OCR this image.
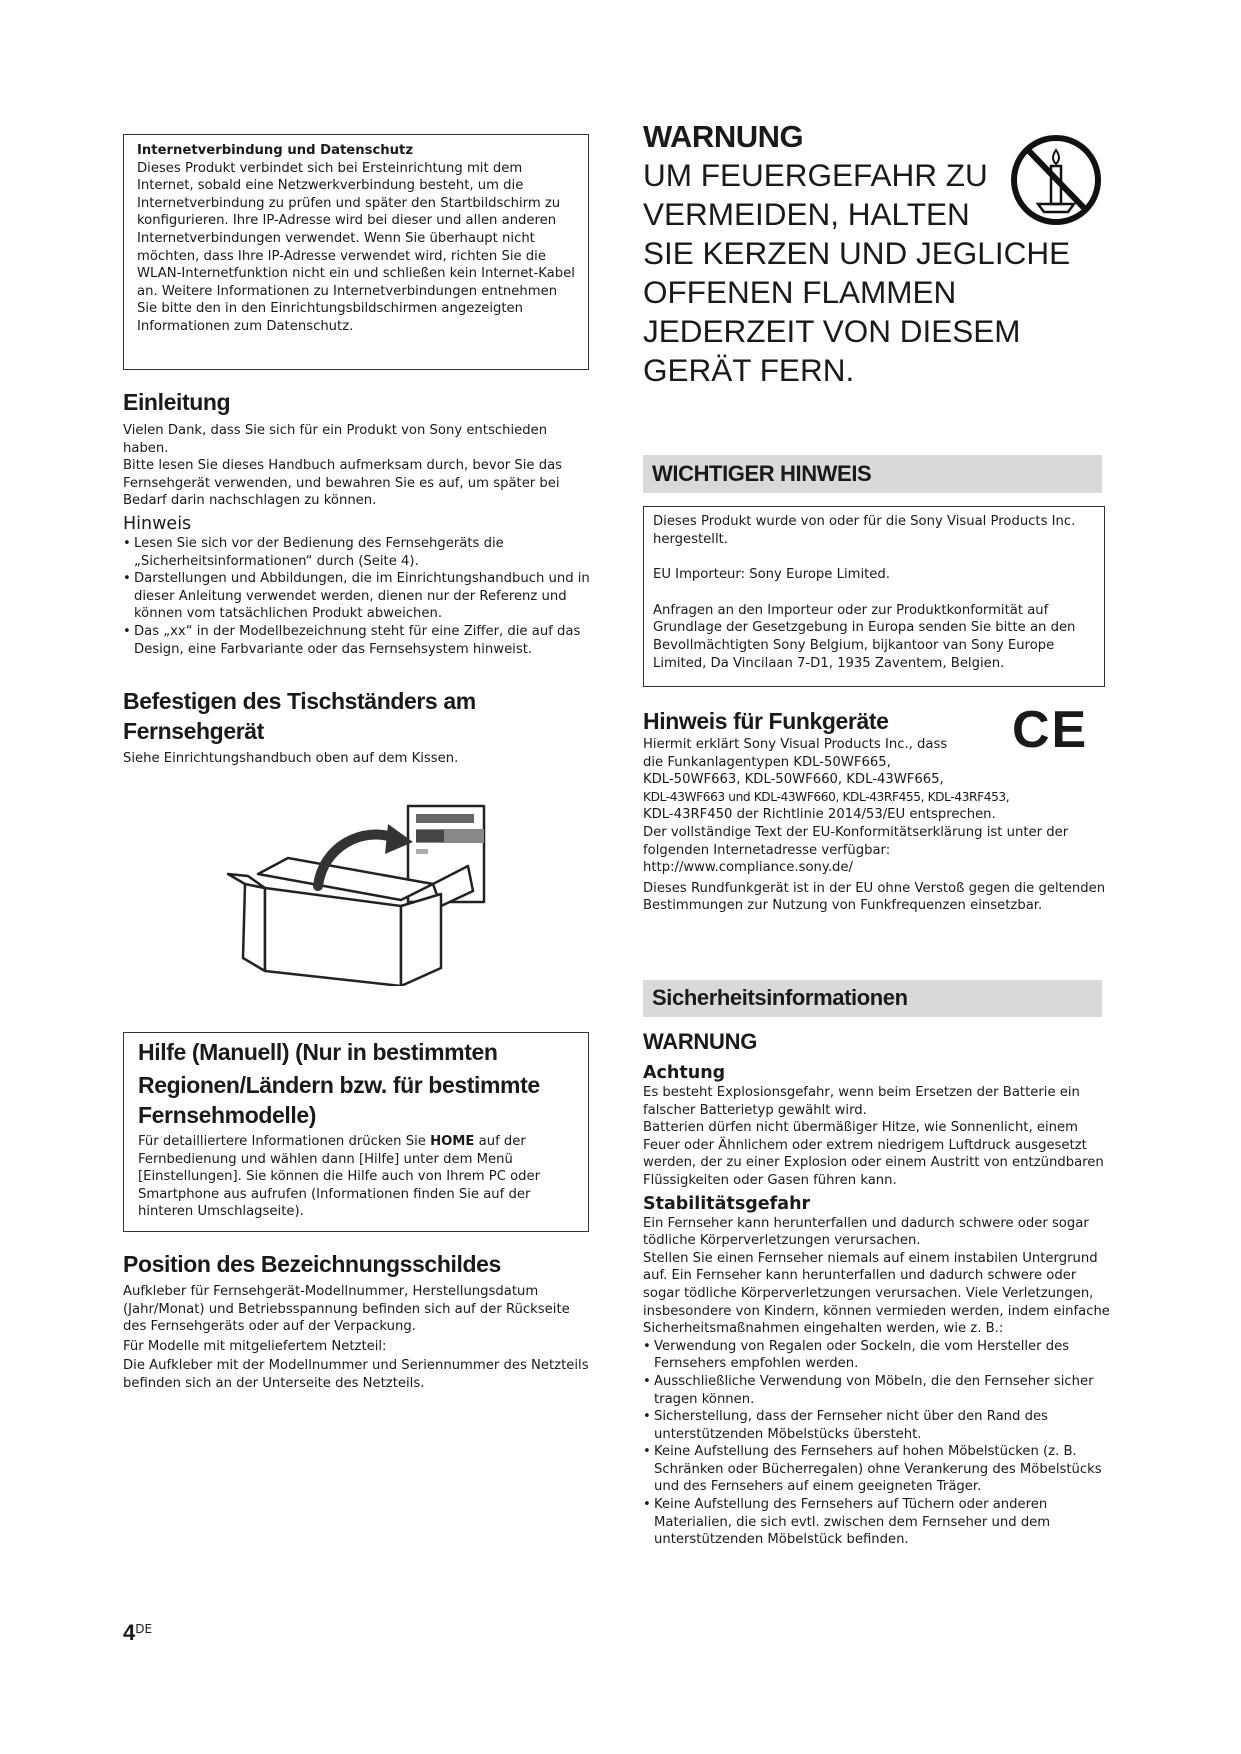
Internetverbindung und Datenschutz

Dieses Produkt verbindet sich bei Ersteinrichtung mit dem Internet, sobald eine Netzwerkverbindung besteht, um die Internetverbindung zu prüfen und später den Startbildschirm zu konfigurieren. Ihre IP-Adresse wird bei dieser und allen anderen Internetverbindungen verwendet. Wenn Sie überhaupt nicht möchten, dass Ihre IP-Adresse verwendet wird, richten Sie die WLAN-Internetfunktion nicht ein und schließen kein Internet-Kabel an. Weitere Informationen zu Internetverbindungen entnehmen Sie bitte den in den Einrichtungsbildschirmen angezeigten Informationen zum Datenschutz.

Einleitung

Vielen Dank, dass Sie sich für ein Produkt von Sony entschieden haben.

Bitte lesen Sie dieses Handbuch aufmerksam durch, bevor Sie das Fernsehgerät verwenden, und bewahren Sie es auf, um später bei Bedarf darin nachschlagen zu können.

Hinweis
• Lesen Sie sich vor der Bedienung des Fernsehgeräts die „Sicherheitsinformationen“ durch (Seite 4).
• Darstellungen und Abbildungen, die im Einrichtungshandbuch und in dieser Anleitung verwendet werden, dienen nur der Referenz und können vom tatsächlichen Produkt abweichen.
• Das „xx“ in der Modellbezeichnung steht für eine Ziffer, die auf das Design, eine Farbvariante oder das Fernsehsystem hinweist.
Befestigen des Tischständers am
Fernsehgerät

Siehe Einrichtungshandbuch oben auf dem Kissen.

Hilfe (Manuell) (Nur in bestimmten
Regionen/Ländern bzw. für bestimmte
Fernsehmodelle)

Für detailliertere Informationen drücken Sie HOME auf der Fernbedienung und wählen dann [Hilfe] unter dem Menü [Einstellungen]. Sie können die Hilfe auch von Ihrem PC oder Smartphone aus aufrufen (Informationen finden Sie auf der hinteren Umschlagseite).

Position des Bezeichnungsschildes

Aufkleber für Fernsehgerät-Modellnummer, Herstellungsdatum (Jahr/Monat) und Betriebsspannung befinden sich auf der Rückseite des Fernsehgeräts oder auf der Verpackung.

Für Modelle mit mitgeliefertem Netzteil:

Die Aufkleber mit der Modellnummer und Seriennummer des Netzteils befinden sich an der Unterseite des Netzteils.

4DE
WARNUNG
UM FEUERGEFAHR ZU
VERMEIDEN, HALTEN
SIE KERZEN UND JEGLICHE
OFFENEN FLAMMEN
JEDERZEIT VON DIESEM
GERÄT FERN.
WICHTIGER HINWEIS

Dieses Produkt wurde von oder für die Sony Visual Products Inc. hergestellt.

EU Importeur: Sony Europe Limited.

Anfragen an den Importeur oder zur Produktkonformität auf Grundlage der Gesetzgebung in Europa senden Sie bitte an den Bevollmächtigten Sony Belgium, bijkantoor van Sony Europe Limited, Da Vincilaan 7-D1, 1935 Zaventem, Belgien.

Hinweis für Funkgeräte CE

Hiermit erklärt Sony Visual Products Inc., dass

die Funkanlagentypen KDL-50WF665,

KDL-50WF663, KDL-50WF660, KDL-43WF665,

KDL-43WF663 und KDL-43WF660, KDL-43RF455, KDL-43RF453,

KDL-43RF450 der Richtlinie 2014/53/EU entsprechen.

Der vollständige Text der EU-Konformitätserklärung ist unter der folgenden Internetadresse verfügbar:

http://www.compliance.sony.de/

Dieses Rundfunkgerät ist in der EU ohne Verstoß gegen die geltenden Bestimmungen zur Nutzung von Funkfrequenzen einsetzbar.

Sicherheitsinformationen
WARNUNG
Achtung

Es besteht Explosionsgefahr, wenn beim Ersetzen der Batterie ein falscher Batterietyp gewählt wird.

Batterien dürfen nicht übermäßiger Hitze, wie Sonnenlicht, einem Feuer oder Ähnlichem oder extrem niedrigem Luftdruck ausgesetzt werden, der zu einer Explosion oder einem Austritt von entzündbaren Flüssigkeiten oder Gasen führen kann.

Stabilitätsgefahr

Ein Fernseher kann herunterfallen und dadurch schwere oder sogar tödliche Körperverletzungen verursachen.

Stellen Sie einen Fernseher niemals auf einem instabilen Untergrund auf. Ein Fernseher kann herunterfallen und dadurch schwere oder sogar tödliche Körperverletzungen verursachen. Viele Verletzungen, insbesondere von Kindern, können vermieden werden, indem einfache Sicherheitsmaßnahmen eingehalten werden, wie z. B.:

• Verwendung von Regalen oder Sockeln, die vom Hersteller des Fernsehers empfohlen werden.
• Ausschließliche Verwendung von Möbeln, die den Fernseher sicher tragen können.
• Sicherstellung, dass der Fernseher nicht über den Rand des unterstützenden Möbelstücks übersteht.
• Keine Aufstellung des Fernsehers auf hohen Möbelstücken (z. B. Schränken oder Bücherregalen) ohne Verankerung des Möbelstücks und des Fernsehers auf einem geeigneten Träger.
• Keine Aufstellung des Fernsehers auf Tüchern oder anderen Materialien, die sich evtl. zwischen dem Fernseher und dem unterstützenden Möbelstück befinden.
